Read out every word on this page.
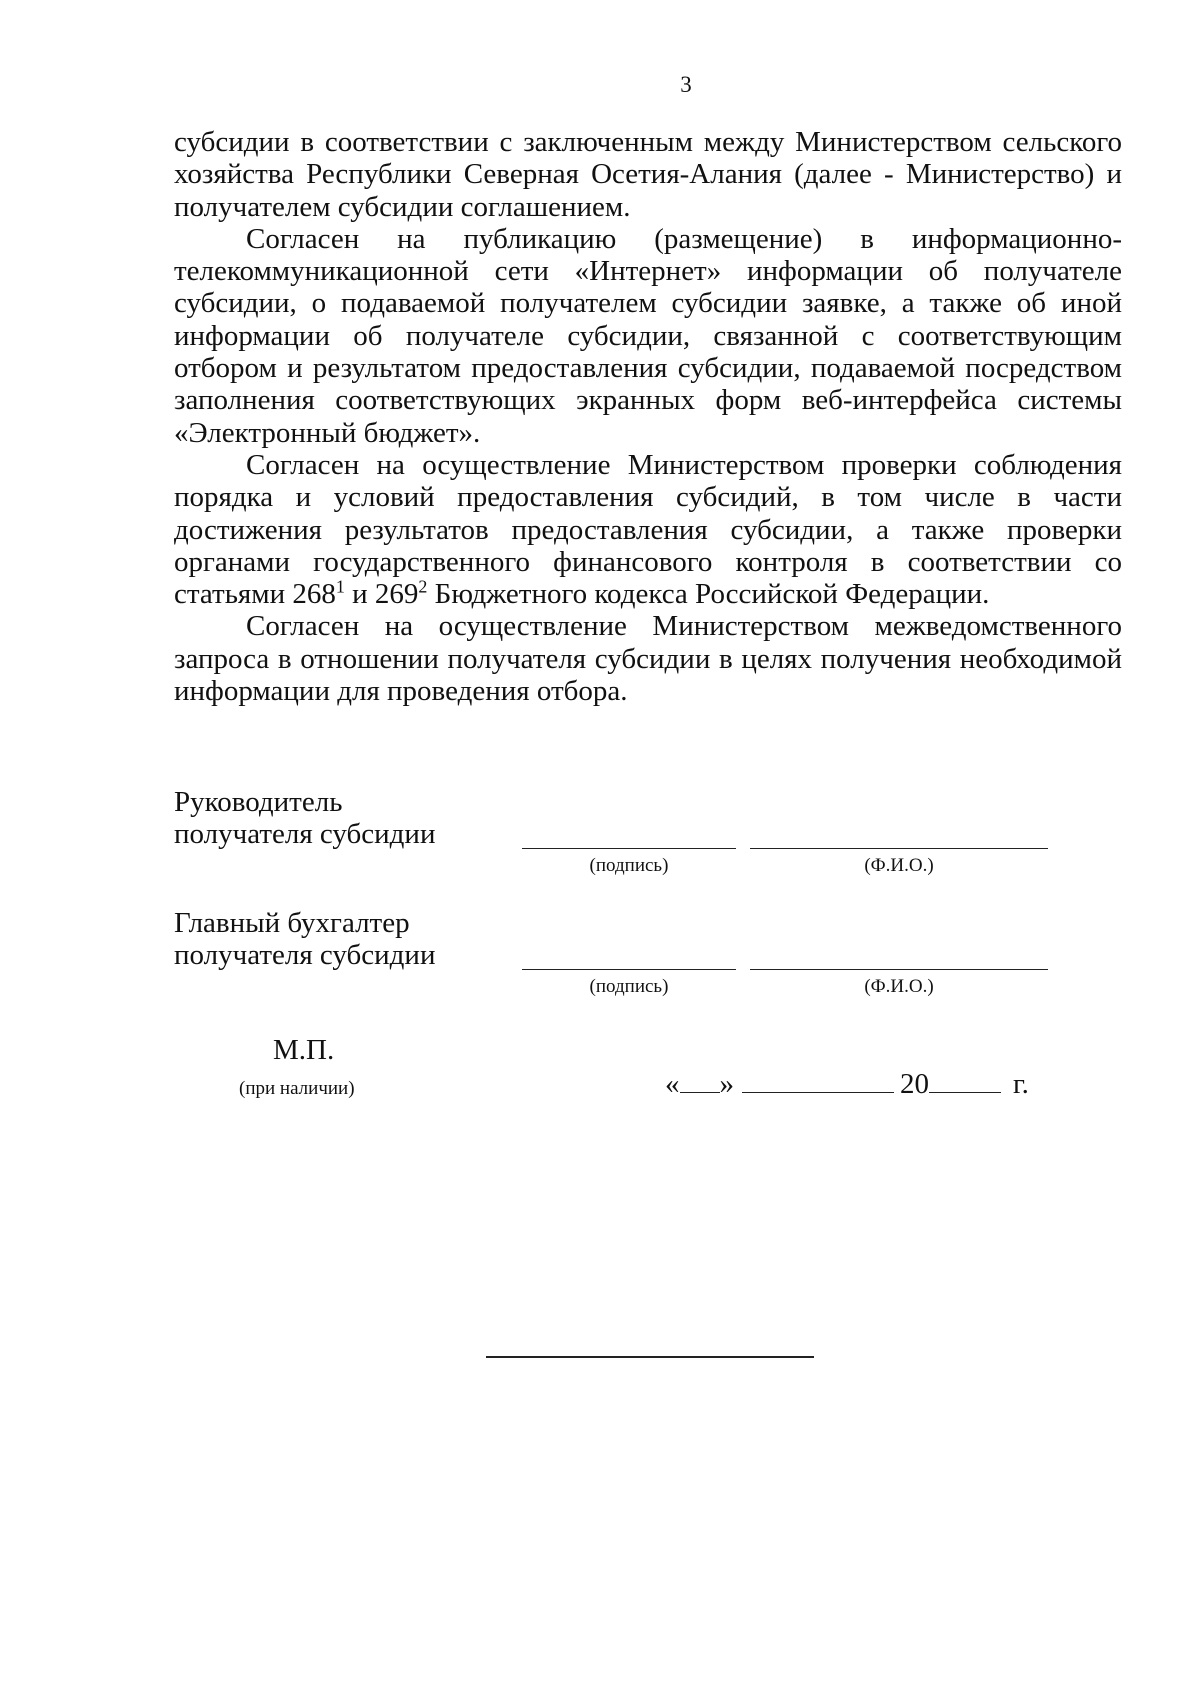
3

субсидии в соответствии с заключенным между Министерством сельского хозяйства Республики Северная Осетия-Алания (далее - Министерство) и получателем субсидии соглашением.

Согласен на публикацию (размещение) в информационно-телекоммуникационной сети «Интернет» информации об получателе субсидии, о подаваемой получателем субсидии заявке, а также об иной информации об получателе субсидии, связанной с соответствующим отбором и результатом предоставления субсидии, подаваемой посредством заполнения соответствующих экранных форм веб-интерфейса системы «Электронный бюджет».

Согласен на осуществление Министерством проверки соблюдения порядка и условий предоставления субсидий, в том числе в части достижения результатов предоставления субсидии, а также проверки органами государственного финансового контроля в соответствии со статьями $268^1$ и $269^2$ Бюджетного кодекса Российской Федерации.

Согласен на осуществление Министерством межведомственного запроса в отношении получателя субсидии в целях получения необходимой информации для проведения отбора.

Руководитель
получателя субсидии
(подпись)	(Ф.И.О.)
Главный бухгалтер
получателя субсидии
(подпись)	(Ф.И.О.)
М.П.
(при наличии)	« »	20	г.
